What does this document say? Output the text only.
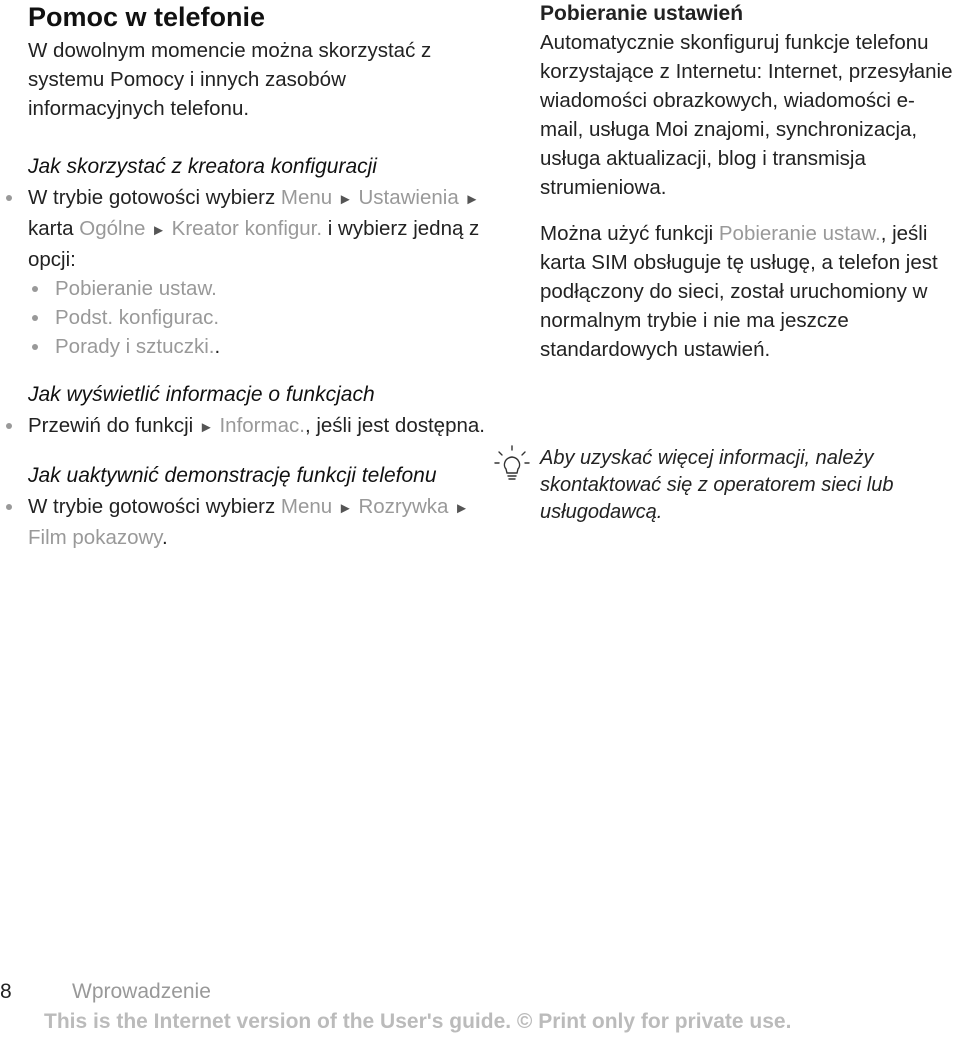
Pomoc w telefonie

W dowolnym momencie można skorzystać z systemu Pomocy i innych zasobów informacyjnych telefonu.

Jak skorzystać z kreatora konfiguracji

W trybie gotowości wybierz Menu ► Ustawienia ► karta Ogólne ► Kreator konfigur. i wybierz jedną z opcji:
Pobieranie ustaw.
Podst. konfigurac.
Porady i sztuczki..

Jak wyświetlić informacje o funkcjach

Przewiń do funkcji ► Informac., jeśli jest dostępna.

Jak uaktywnić demonstrację funkcji telefonu

W trybie gotowości wybierz Menu ► Rozrywka ► Film pokazowy.

Pobieranie ustawień

Automatycznie skonfiguruj funkcje telefonu korzystające z Internetu: Internet, przesyłanie wiadomości obrazkowych, wiadomości e-mail, usługa Moi znajomi, synchronizacja, usługa aktualizacji, blog i transmisja strumieniowa.

Można użyć funkcji Pobieranie ustaw., jeśli karta SIM obsługuje tę usługę, a telefon jest podłączony do sieci, został uruchomiony w normalnym trybie i nie ma jeszcze standardowych ustawień.

Aby uzyskać więcej informacji, należy skontaktować się z operatorem sieci lub usługodawcą.
8	Wprowadzenie
This is the Internet version of the User's guide. © Print only for private use.
